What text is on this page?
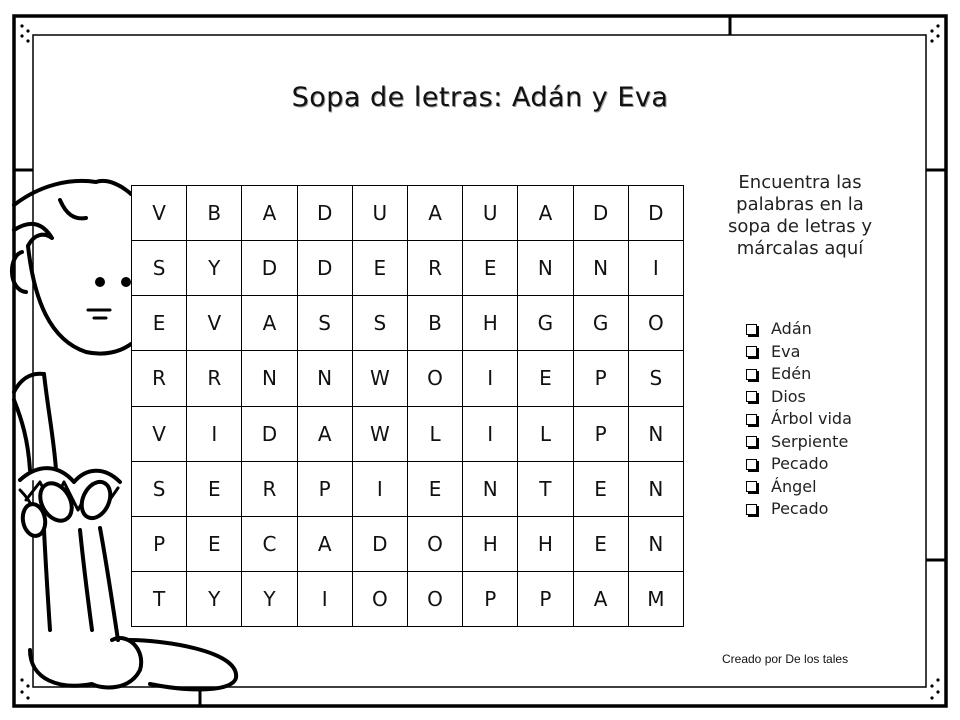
Sopa de letras: Adán y Eva
V	B	A	D	U	A	U	A	D	D
S	Y	D	D	E	R	E	N	N	I
E	V	A	S	S	B	H	G	G	O
R	R	N	N	W	O	I	E	P	S
V	I	D	A	W	L	I	L	P	N
S	E	R	P	I	E	N	T	E	N
P	E	C	A	D	O	H	H	E	N
T	Y	Y	I	O	O	P	P	A	M
Encuentra las
palabras en la
sopa de letras y
márcalas aquí
Adán
Eva
Edén
Dios
Árbol vida
Serpiente
Pecado
Ángel
Pecado
Creado por De los tales
